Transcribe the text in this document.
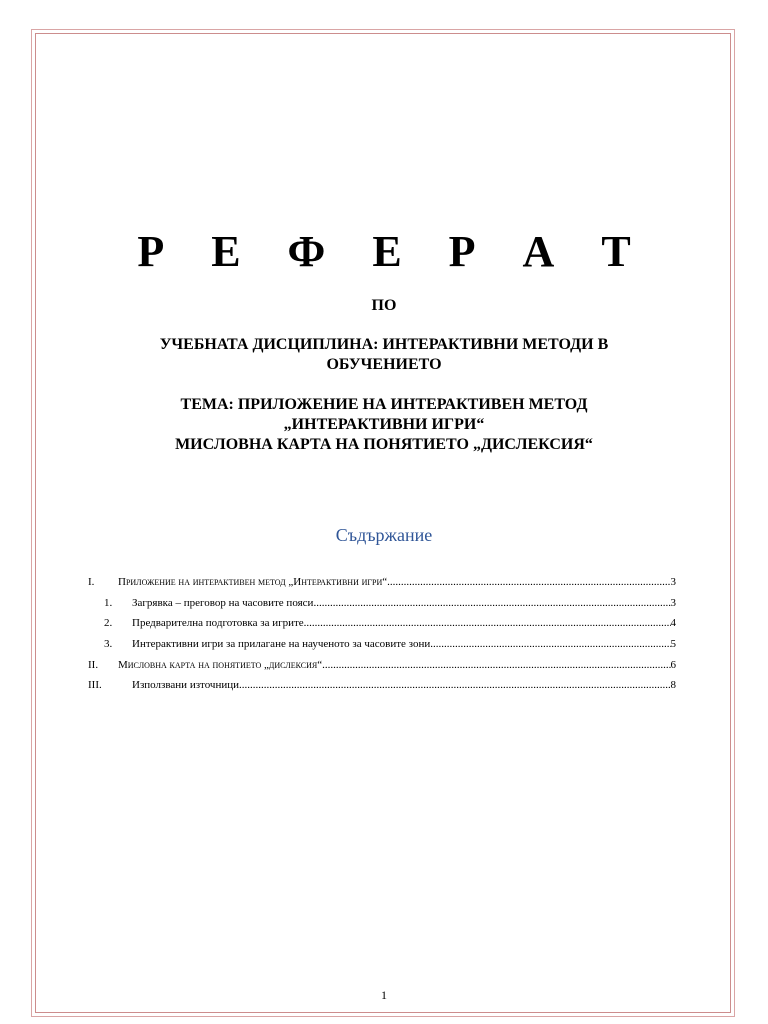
Р Е Ф Е Р А Т
ПО
УЧЕБНАТА ДИСЦИПЛИНА: ИНТЕРАКТИВНИ МЕТОДИ В
ОБУЧЕНИЕТО
ТЕМА: ПРИЛОЖЕНИЕ НА ИНТЕРАКТИВЕН МЕТОД
„ИНТЕРАКТИВНИ ИГРИ“
МИСЛОВНА КАРТА НА ПОНЯТИЕТО „ДИСЛЕКСИЯ“
Съдържание
I. Приложение на интерактивен метод „Интерактивни игри“ .....	3
1. Загрявка – преговор на часовите пояси .....	3
2. Предварителна подготовка за игрите .....	4
3. Интерактивни игри за прилагане на наученото за часовите зони .....	5
II. Мисловна карта на понятието „дислексия“ .....	6
III.	Използвани източници .....	8
1
